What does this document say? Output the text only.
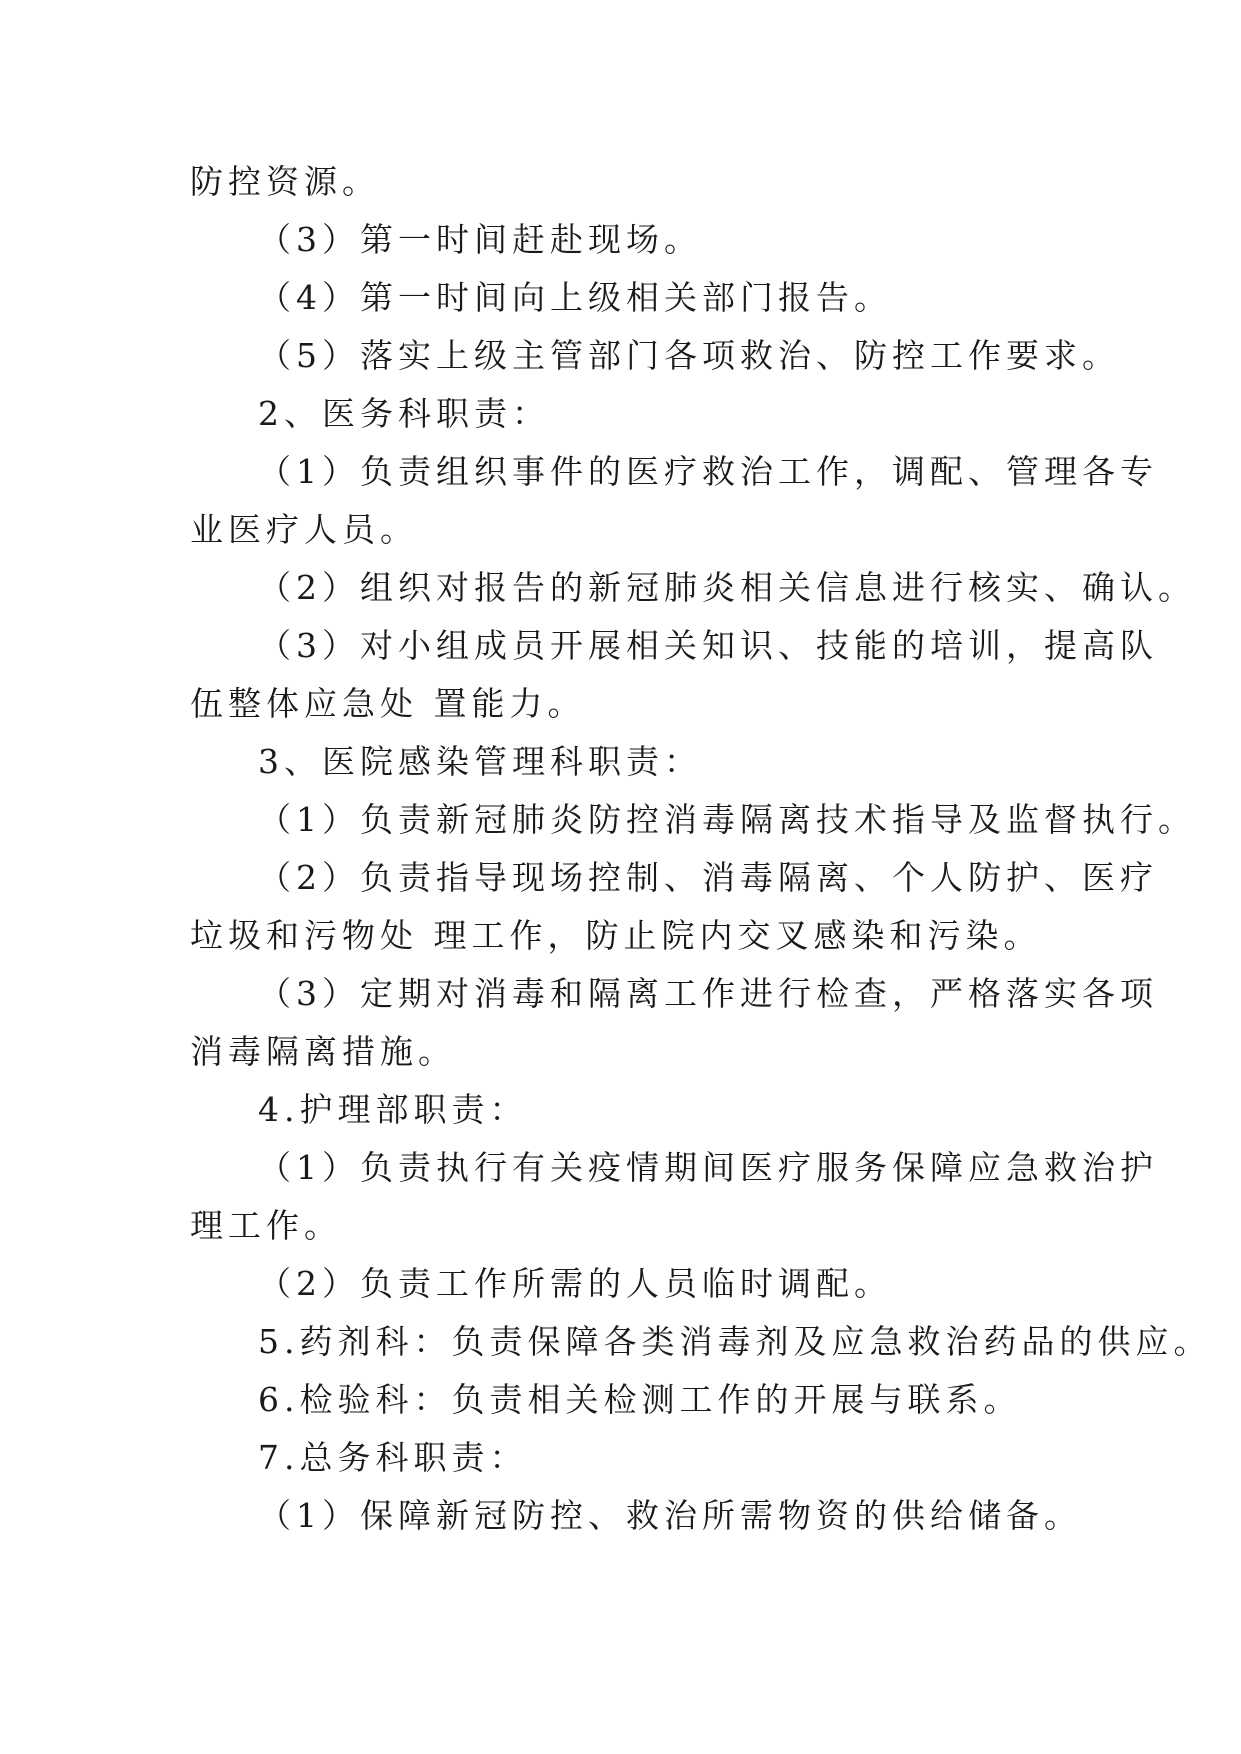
防控资源。
（3）第一时间赶赴现场。
（4）第一时间向上级相关部门报告。
（5）落实上级主管部门各项救治、防控工作要求。
2、医务科职责：
（1）负责组织事件的医疗救治工作，调配、管理各专
业医疗人员。
（2）组织对报告的新冠肺炎相关信息进行核实、确认。
（3）对小组成员开展相关知识、技能的培训，提高队
伍整体应急处 置能力。
3、医院感染管理科职责：
（1）负责新冠肺炎防控消毒隔离技术指导及监督执行。
（2）负责指导现场控制、消毒隔离、个人防护、医疗
垃圾和污物处 理工作，防止院内交叉感染和污染。
（3）定期对消毒和隔离工作进行检查，严格落实各项
消毒隔离措施。
4.护理部职责：
（1）负责执行有关疫情期间医疗服务保障应急救治护
理工作。
（2）负责工作所需的人员临时调配。
5.药剂科：负责保障各类消毒剂及应急救治药品的供应。
6.检验科：负责相关检测工作的开展与联系。
7.总务科职责：
（1）保障新冠防控、救治所需物资的供给储备。
